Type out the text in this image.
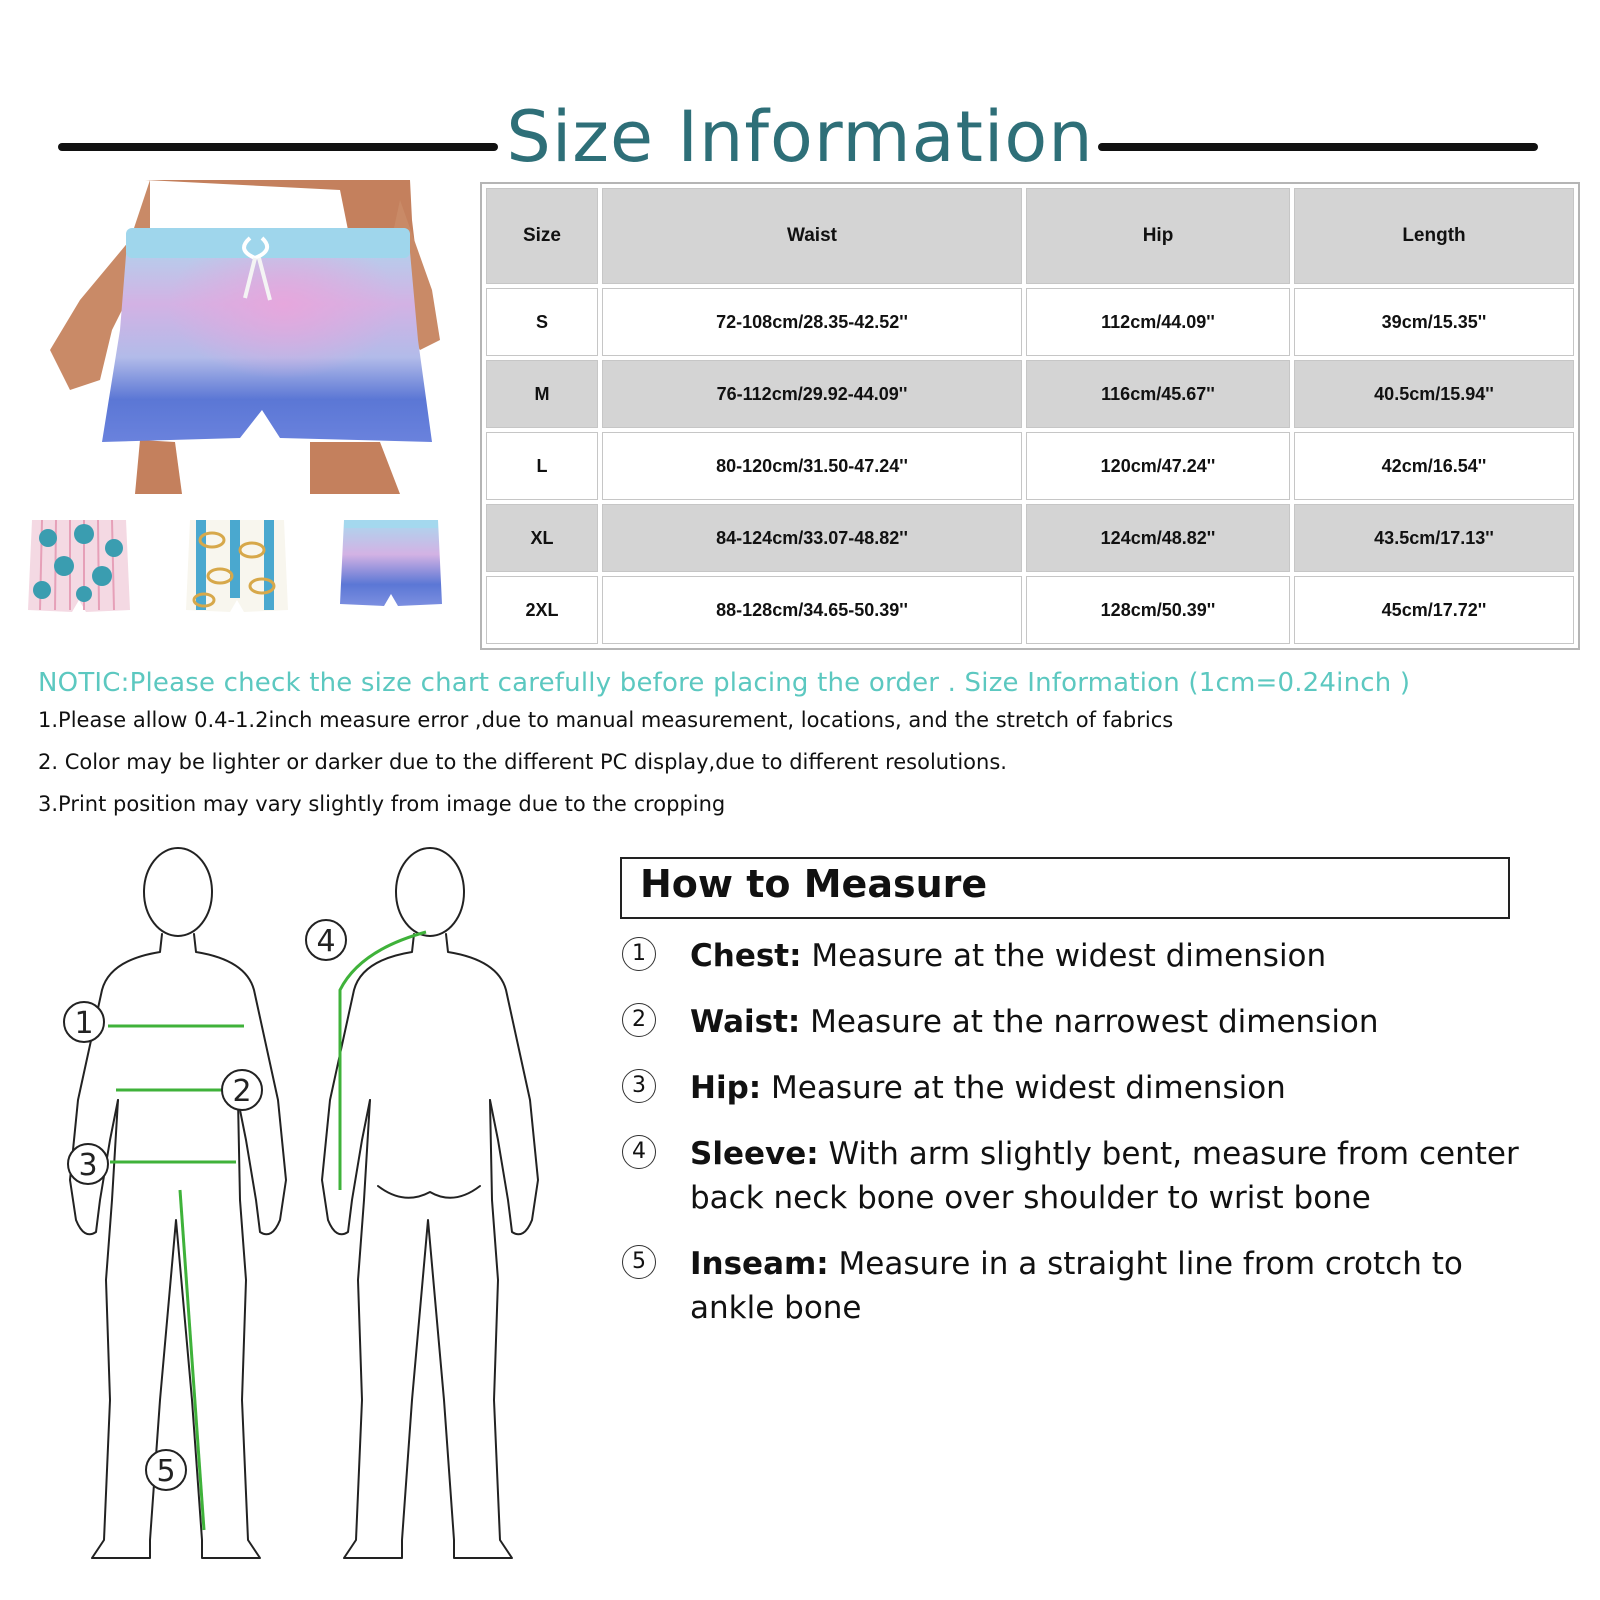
Size Information
Size	Waist	Hip	Length
S	72-108cm/28.35-42.52''	112cm/44.09''	39cm/15.35''
M	76-112cm/29.92-44.09''	116cm/45.67''	40.5cm/15.94''
L	80-120cm/31.50-47.24''	120cm/47.24''	42cm/16.54''
XL	84-124cm/33.07-48.82''	124cm/48.82''	43.5cm/17.13''
2XL	88-128cm/34.65-50.39''	128cm/50.39''	45cm/17.72''
NOTIC:Please check the size chart carefully before placing the order . Size Information (1cm=0.24inch )
1.Please allow 0.4-1.2inch measure error ,due to manual measurement, locations, and the stretch of fabrics
2. Color may be lighter or darker due to the different PC display,due to different resolutions.
3.Print position may vary slightly from image due to the cropping
1
2
3
4
5
How to Measure
1	Chest: Measure at the widest dimension
2	Waist: Measure at the narrowest dimension
3	Hip: Measure at the widest dimension
4	Sleeve: With arm slightly bent, measure from center back neck bone over shoulder to wrist bone
5	Inseam: Measure in a straight line from crotch to ankle bone
